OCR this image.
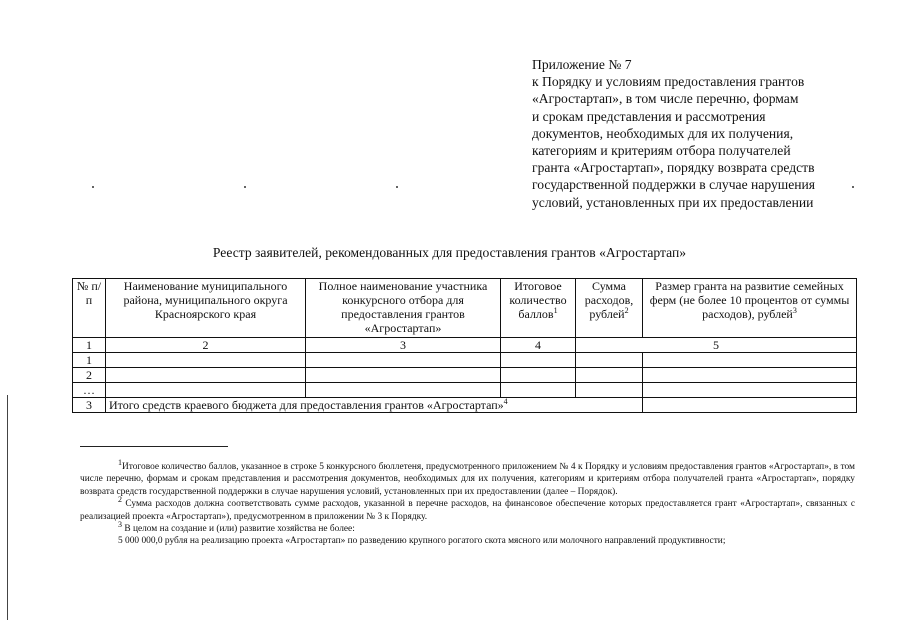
Приложение № 7
к Порядку и условиям предоставления грантов
«Агростартап», в том числе перечню, формам
и срокам представления и рассмотрения
документов, необходимых для их получения,
категориям и критериям отбора получателей
гранта «Агростартап», порядку возврата средств
государственной поддержки в случае нарушения
условий, установленных при их предоставлении
Реестр заявителей, рекомендованных для предоставления грантов «Агростартап»
№ п/п	Наименование муниципального района, муниципального округа Красноярского края	Полное наименование участника конкурсного отбора для предоставления грантов «Агростартап»	Итоговое количество баллов$^1$	Сумма расходов, рублей$^2$	Размер гранта на развитие семейных ферм (не более 10 процентов от суммы расходов), рублей$^3$
1	2	3	4	5	
1					
2					
…					
3	Итого средств краевого бюджета для предоставления грантов «Агростартап»$^4$	

$^1$Итоговое количество баллов, указанное в строке 5 конкурсного бюллетеня, предусмотренного приложением № 4 к Порядку и условиям предоставления грантов «Агростартап», в том числе перечню, формам и срокам представления и рассмотрения документов, необходимых для их получения, категориям и критериям отбора получателей гранта «Агростартап», порядку возврата средств государственной поддержки в случае нарушения условий, установленных при их предоставлении (далее – Порядок).

$^2$ Сумма расходов должна соответствовать сумме расходов, указанной в перечне расходов, на финансовое обеспечение которых предоставляется грант «Агростартап», связанных с реализацией проекта «Агростартап»), предусмотренном в приложении № 3 к Порядку.

$^3$ В целом на создание и (или) развитие хозяйства не более:

5 000 000,0 рубля на реализацию проекта «Агростартап» по разведению крупного рогатого скота мясного или молочного направлений продуктивности;
